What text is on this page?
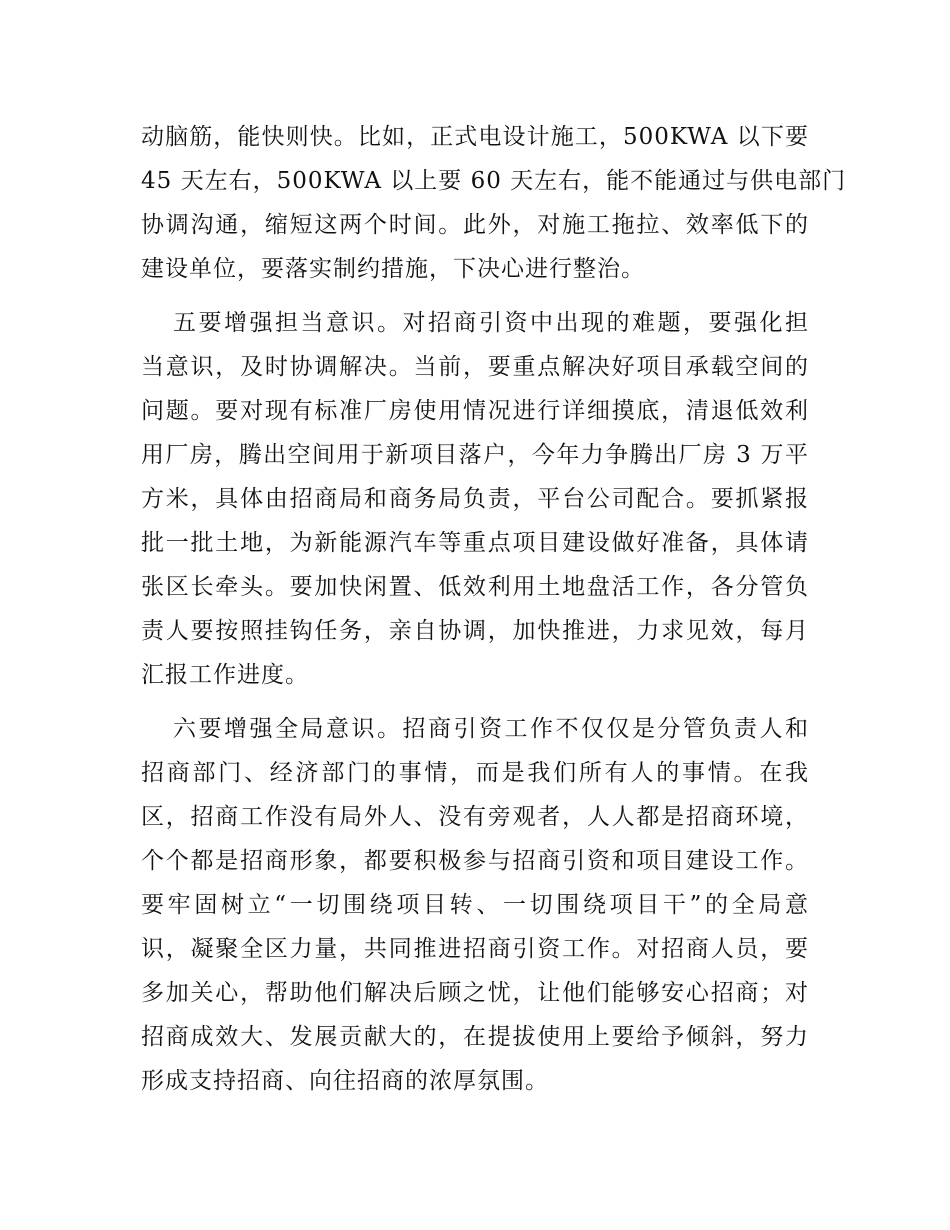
动脑筋，能快则快。比如，正式电设计施工，500KWA 以下要
45 天左右，500KWA 以上要 60 天左右，能不能通过与供电部门
协调沟通，缩短这两个时间。此外，对施工拖拉、效率低下的
建设单位，要落实制约措施，下决心进行整治。
五要增强担当意识。对招商引资中出现的难题，要强化担
当意识，及时协调解决。当前，要重点解决好项目承载空间的
问题。要对现有标准厂房使用情况进行详细摸底，清退低效利
用厂房，腾出空间用于新项目落户，今年力争腾出厂房 3 万平
方米，具体由招商局和商务局负责，平台公司配合。要抓紧报
批一批土地，为新能源汽车等重点项目建设做好准备，具体请
张区长牵头。要加快闲置、低效利用土地盘活工作，各分管负
责人要按照挂钩任务，亲自协调，加快推进，力求见效，每月
汇报工作进度。
六要增强全局意识。招商引资工作不仅仅是分管负责人和
招商部门、经济部门的事情，而是我们所有人的事情。在我
区，招商工作没有局外人、没有旁观者，人人都是招商环境，
个个都是招商形象，都要积极参与招商引资和项目建设工作。
要牢固树立“一切围绕项目转、一切围绕项目干”的全局意
识，凝聚全区力量，共同推进招商引资工作。对招商人员，要
多加关心，帮助他们解决后顾之忧，让他们能够安心招商；对
招商成效大、发展贡献大的，在提拔使用上要给予倾斜，努力
形成支持招商、向往招商的浓厚氛围。
